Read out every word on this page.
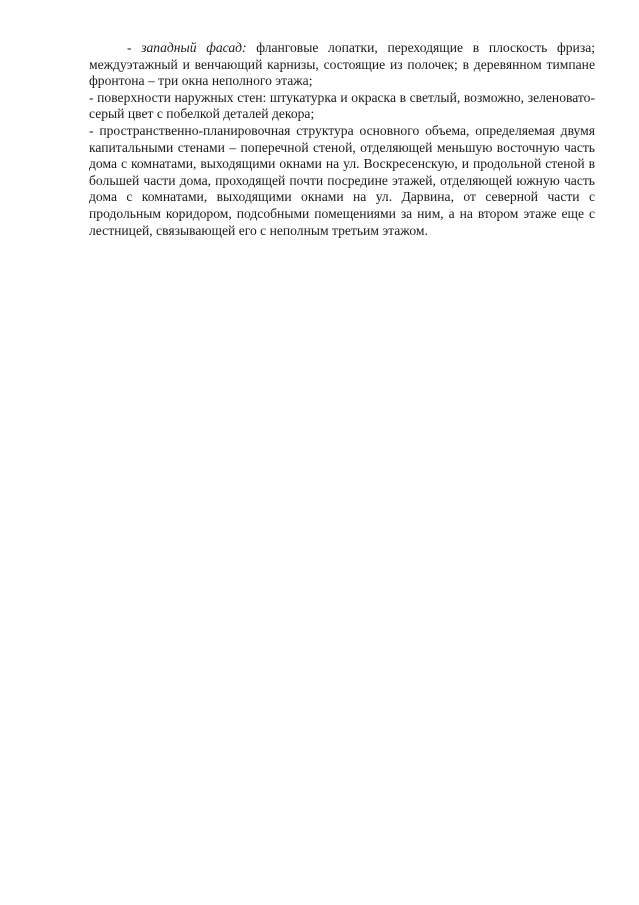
- западный фасад: фланговые лопатки, переходящие в плоскость фриза; междуэтажный и венчающий карнизы, состоящие из полочек; в деревянном тимпане фронтона – три окна неполного этажа;

- поверхности наружных стен: штукатурка и окраска в светлый, возможно, зеленовато-серый цвет с побелкой деталей декора;

- пространственно-планировочная структура основного объема, определяемая двумя капитальными стенами – поперечной стеной, отделяющей меньшую восточную часть дома с комнатами, выходящими окнами на ул. Воскресенскую, и продольной стеной в большей части дома, проходящей почти посредине этажей, отделяющей южную часть дома с комнатами, выходящими окнами на ул. Дарвина, от северной части с продольным коридором, подсобными помещениями за ним, а на втором этаже еще с лестницей, связывающей его с неполным третьим этажом.
